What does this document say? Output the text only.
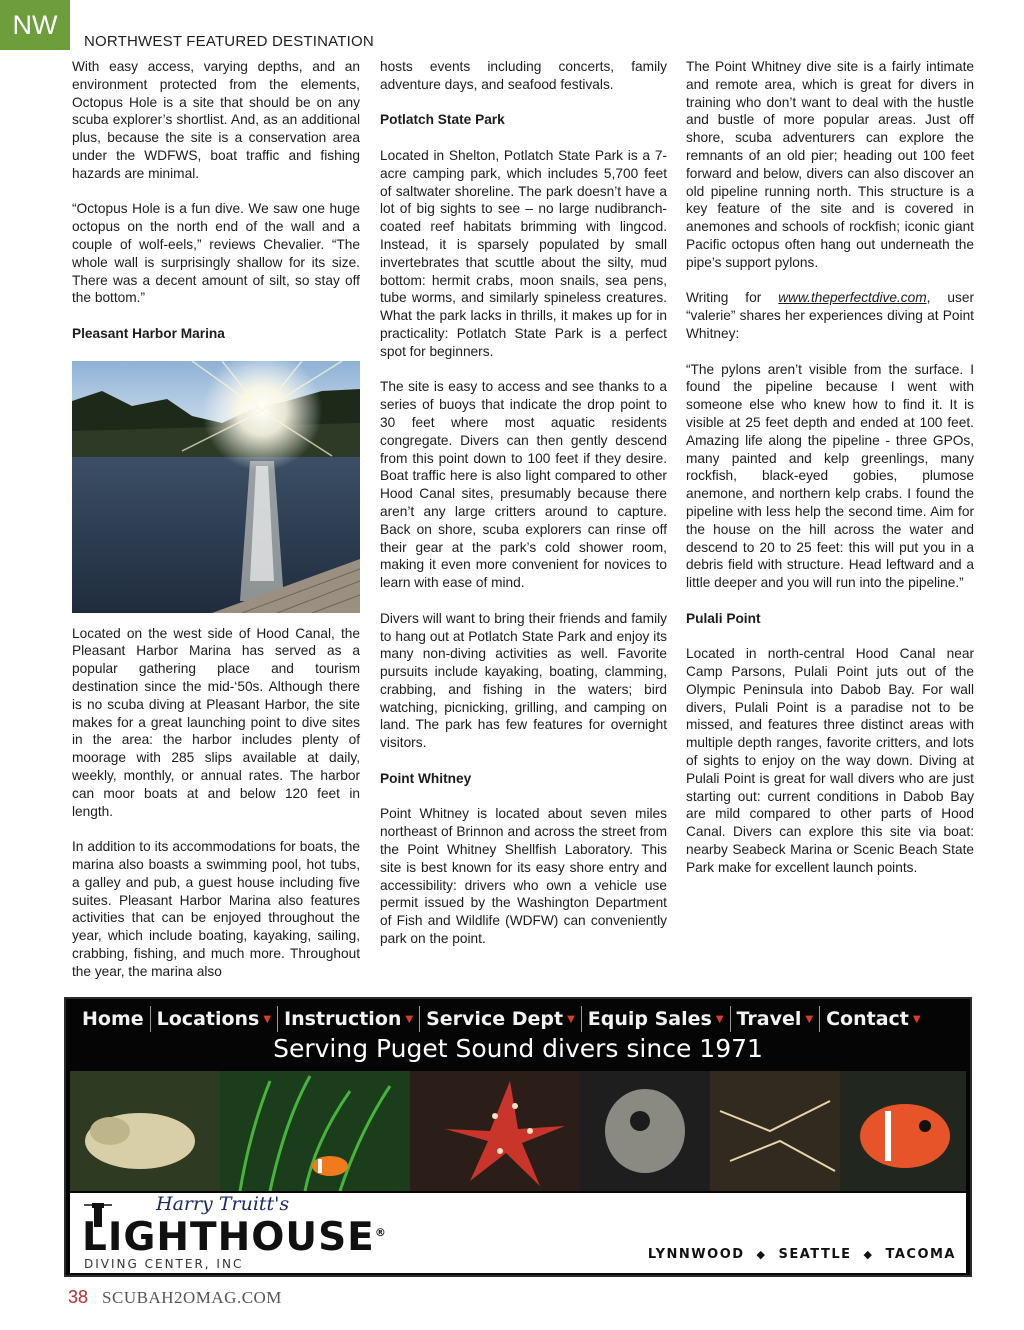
NW
NORTHWEST FEATURED DESTINATION

With easy access, varying depths, and an environment protected from the elements, Octopus Hole is a site that should be on any scuba explorer’s shortlist. And, as an additional plus, because the site is a conservation area under the WDFWS, boat traffic and fishing hazards are minimal.

“Octopus Hole is a fun dive. We saw one huge octopus on the north end of the wall and a couple of wolf-eels,” reviews Chevalier. “The whole wall is surprisingly shallow for its size. There was a decent amount of silt, so stay off the bottom.”

Pleasant Harbor Marina

Located on the west side of Hood Canal, the Pleasant Harbor Marina has served as a popular gathering place and tourism destination since the mid-‘50s. Although there is no scuba diving at Pleasant Harbor, the site makes for a great launching point to dive sites in the area: the harbor includes plenty of moorage with 285 slips available at daily, weekly, monthly, or annual rates. The harbor can moor boats at and below 120 feet in length.

In addition to its accommodations for boats, the marina also boasts a swimming pool, hot tubs, a galley and pub, a guest house including five suites. Pleasant Harbor Marina also features activities that can be enjoyed throughout the year, which include boating, kayaking, sailing, crabbing, fishing, and much more. Throughout the year, the marina also

hosts events including concerts, family adventure days, and seafood festivals.

Potlatch State Park

Located in Shelton, Potlatch State Park is a 7-acre camping park, which includes 5,700 feet of saltwater shoreline. The park doesn’t have a lot of big sights to see – no large nudibranch-coated reef habitats brimming with lingcod. Instead, it is sparsely populated by small invertebrates that scuttle about the silty, mud bottom: hermit crabs, moon snails, sea pens, tube worms, and similarly spineless creatures. What the park lacks in thrills, it makes up for in practicality: Potlatch State Park is a perfect spot for beginners.

The site is easy to access and see thanks to a series of buoys that indicate the drop point to 30 feet where most aquatic residents congregate. Divers can then gently descend from this point down to 100 feet if they desire. Boat traffic here is also light compared to other Hood Canal sites, presumably because there aren’t any large critters around to capture. Back on shore, scuba explorers can rinse off their gear at the park’s cold shower room, making it even more convenient for novices to learn with ease of mind.

Divers will want to bring their friends and family to hang out at Potlatch State Park and enjoy its many non-diving activities as well. Favorite pursuits include kayaking, boating, clamming, crabbing, and fishing in the waters; bird watching, picnicking, grilling, and camping on land. The park has few features for overnight visitors.

Point Whitney

Point Whitney is located about seven miles northeast of Brinnon and across the street from the Point Whitney Shellfish Laboratory. This site is best known for its easy shore entry and accessibility: drivers who own a vehicle use permit issued by the Washington Department of Fish and Wildlife (WDFW) can conveniently park on the point.

The Point Whitney dive site is a fairly intimate and remote area, which is great for divers in training who don’t want to deal with the hustle and bustle of more popular areas. Just off shore, scuba adventurers can explore the remnants of an old pier; heading out 100 feet forward and below, divers can also discover an old pipeline running north. This structure is a key feature of the site and is covered in anemones and schools of rockfish; iconic giant Pacific octopus often hang out underneath the pipe’s support pylons.

Writing for www.theperfectdive.com, user “valerie” shares her experiences diving at Point Whitney:

“The pylons aren’t visible from the surface. I found the pipeline because I went with someone else who knew how to find it. It is visible at 25 feet depth and ended at 100 feet. Amazing life along the pipeline - three GPOs, many painted and kelp greenlings, many rockfish, black-eyed gobies, plumose anemone, and northern kelp crabs. I found the pipeline with less help the second time. Aim for the house on the hill across the water and descend to 20 to 25 feet: this will put you in a debris field with structure. Head leftward and a little deeper and you will run into the pipeline.”

Pulali Point

Located in north-central Hood Canal near Camp Parsons, Pulali Point juts out of the Olympic Peninsula into Dabob Bay. For wall divers, Pulali Point is a paradise not to be missed, and features three distinct areas with multiple depth ranges, favorite critters, and lots of sights to enjoy on the way down. Diving at Pulali Point is great for wall divers who are just starting out: current conditions in Dabob Bay are mild compared to other parts of Hood Canal. Divers can explore this site via boat: nearby Seabeck Marina or Scenic Beach State Park make for excellent launch points.

Home Locations ▼ Instruction ▼ Service Dept ▼ Equip Sales ▼ Travel ▼ Contact ▼
Serving Puget Sound divers since 1971
Harry Truitt's
LIGHTHOUSE®
DIVING CENTER, INC
LYNNWOOD ◆ SEATTLE ◆ TACOMA
38 SCUBAH2OMAG.COM
